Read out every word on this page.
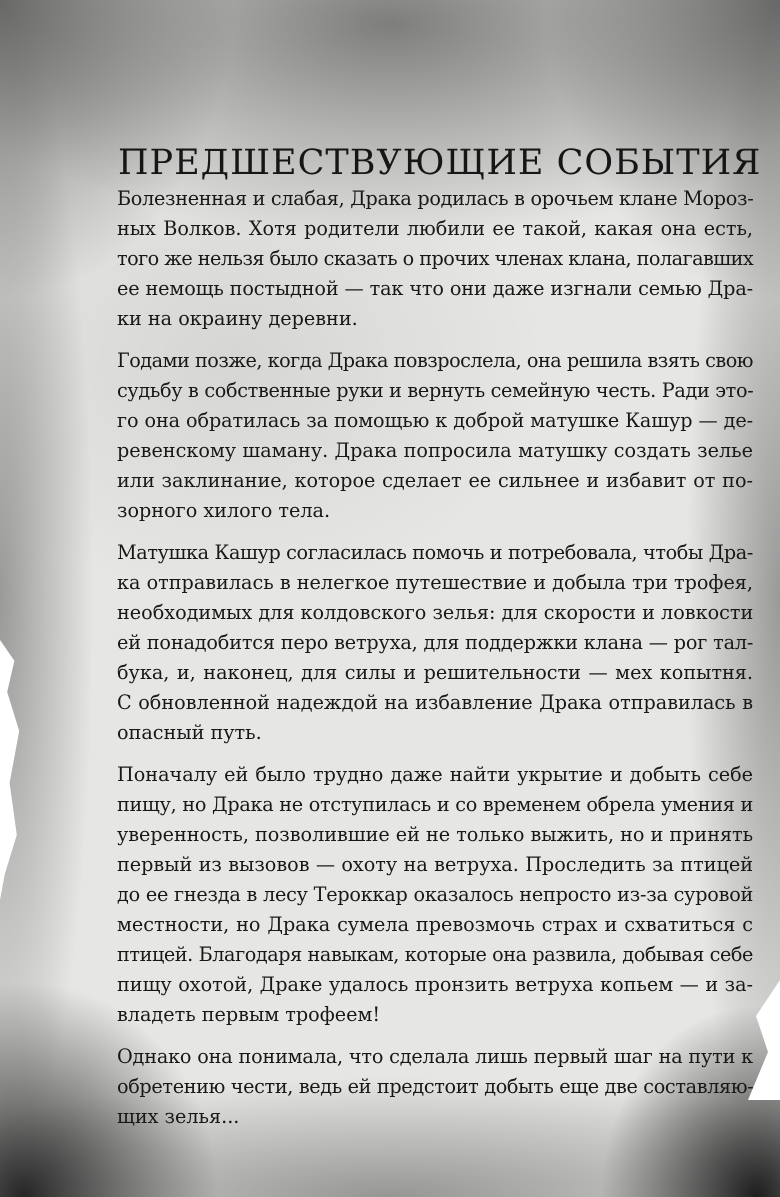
ПРЕДШЕСТВУЮЩИЕ СОБЫТИЯ
Болезненная и слабая, Драка родилась в орочьем клане Мороз-
ных Волков. Хотя родители любили ее такой, какая она есть,
того же нельзя было сказать о прочих членах клана, полагавших
ее немощь постыдной — так что они даже изгнали семью Дра-
ки на окраину деревни.
Годами позже, когда Драка повзрослела, она решила взять свою
судьбу в собственные руки и вернуть семейную честь. Ради это-
го она обратилась за помощью к доброй матушке Кашур — де-
ревенскому шаману. Драка попросила матушку создать зелье
или заклинание, которое сделает ее сильнее и избавит от по-
зорного хилого тела.
Матушка Кашур согласилась помочь и потребовала, чтобы Дра-
ка отправилась в нелегкое путешествие и добыла три трофея,
необходимых для колдовского зелья: для скорости и ловкости
ей понадобится перо ветруха, для поддержки клана — рог тал-
бука, и, наконец, для силы и решительности — мех копытня.
С обновленной надеждой на избавление Драка отправилась в
опасный путь.
Поначалу ей было трудно даже найти укрытие и добыть себе
пищу, но Драка не отступилась и со временем обрела умения и
уверенность, позволившие ей не только выжить, но и принять
первый из вызовов — охоту на ветруха. Проследить за птицей
до ее гнезда в лесу Тероккар оказалось непросто из-за суровой
местности, но Драка сумела превозмочь страх и схватиться с
птицей. Благодаря навыкам, которые она развила, добывая себе
пищу охотой, Драке удалось пронзить ветруха копьем — и за-
владеть первым трофеем!
Однако она понимала, что сделала лишь первый шаг на пути к
обретению чести, ведь ей предстоит добыть еще две составляю-
щих зелья...
